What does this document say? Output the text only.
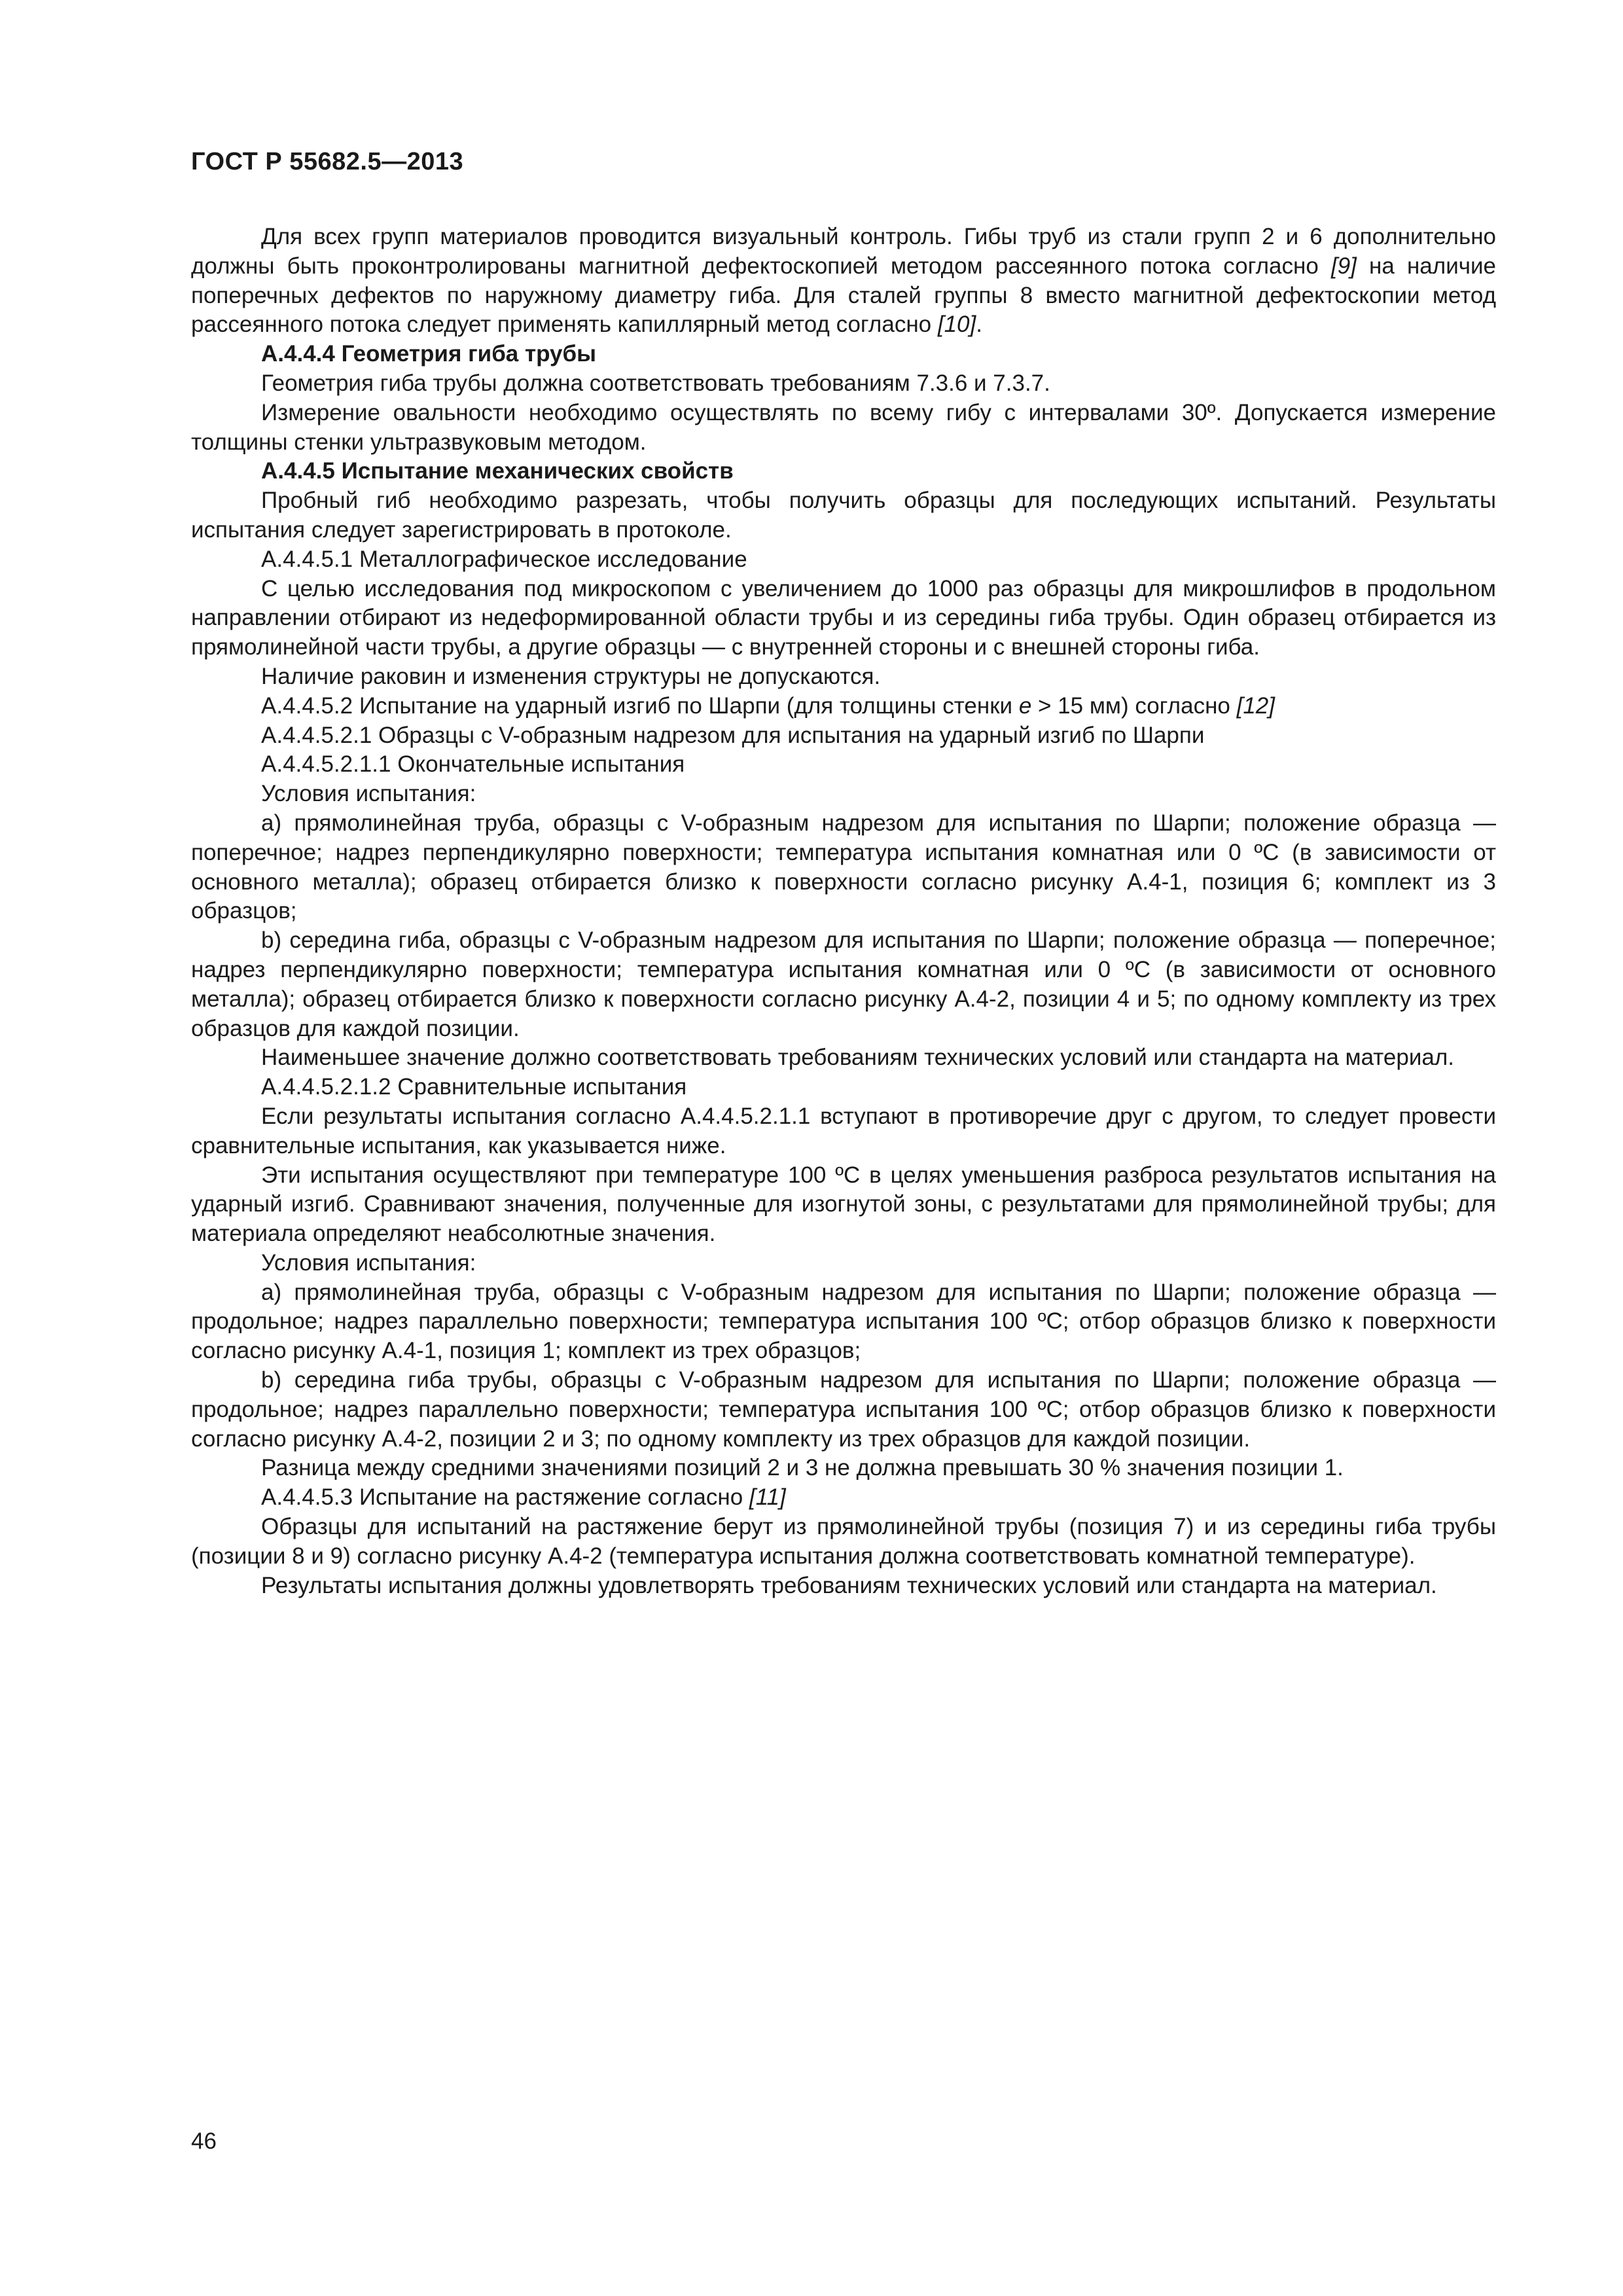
ГОСТ Р 55682.5—2013

Для всех групп материалов проводится визуальный контроль. Гибы труб из стали групп 2 и 6 дополнительно должны быть проконтролированы магнитной дефектоскопией методом рассеянного потока согласно [9] на наличие поперечных дефектов по наружному диаметру гиба. Для сталей группы 8 вместо магнитной дефектоскопии метод рассеянного потока следует применять капиллярный метод согласно [10].

А.4.4.4 Геометрия гиба трубы

Геометрия гиба трубы должна соответствовать требованиям 7.3.6 и 7.3.7.

Измерение овальности необходимо осуществлять по всему гибу с интервалами 30º. Допускается измерение толщины стенки ультразвуковым методом.

А.4.4.5 Испытание механических свойств

Пробный гиб необходимо разрезать, чтобы получить образцы для последующих испытаний. Результаты испытания следует зарегистрировать в протоколе.

А.4.4.5.1 Металлографическое исследование

С целью исследования под микроскопом с увеличением до 1000 раз образцы для микрошлифов в продольном направлении отбирают из недеформированной области трубы и из середины гиба трубы. Один образец отбирается из прямолинейной части трубы, а другие образцы — с внутренней стороны и с внешней стороны гиба.

Наличие раковин и изменения структуры не допускаются.

А.4.4.5.2 Испытание на ударный изгиб по Шарпи (для толщины стенки e > 15 мм) согласно [12]

А.4.4.5.2.1 Образцы с V-образным надрезом для испытания на ударный изгиб по Шарпи

А.4.4.5.2.1.1 Окончательные испытания

Условия испытания:

a) прямолинейная труба, образцы с V-образным надрезом для испытания по Шарпи; положение образца — поперечное; надрез перпендикулярно поверхности; температура испытания комнатная или 0 ºС (в зависимости от основного металла); образец отбирается близко к поверхности согласно рисунку А.4-1, позиция 6; комплект из 3 образцов;

b) середина гиба, образцы с V-образным надрезом для испытания по Шарпи; положение образца — поперечное; надрез перпендикулярно поверхности; температура испытания комнатная или 0 ºС (в зависимости от основного металла); образец отбирается близко к поверхности согласно рисунку А.4-2, позиции 4 и 5; по одному комплекту из трех образцов для каждой позиции.

Наименьшее значение должно соответствовать требованиям технических условий или стандарта на материал.

А.4.4.5.2.1.2 Сравнительные испытания

Если результаты испытания согласно А.4.4.5.2.1.1 вступают в противоречие друг с другом, то следует провести сравнительные испытания, как указывается ниже.

Эти испытания осуществляют при температуре 100 ºС в целях уменьшения разброса результатов испытания на ударный изгиб. Сравнивают значения, полученные для изогнутой зоны, с результатами для прямолинейной трубы; для материала определяют неабсолютные значения.

Условия испытания:

a) прямолинейная труба, образцы с V-образным надрезом для испытания по Шарпи; положение образца — продольное; надрез параллельно поверхности; температура испытания 100 ºС; отбор образцов близко к поверхности согласно рисунку А.4-1, позиция 1; комплект из трех образцов;

b) середина гиба трубы, образцы с V-образным надрезом для испытания по Шарпи; положение образца — продольное; надрез параллельно поверхности; температура испытания 100 ºС; отбор образцов близко к поверхности согласно рисунку А.4-2, позиции 2 и 3; по одному комплекту из трех образцов для каждой позиции.

Разница между средними значениями позиций 2 и 3 не должна превышать 30 % значения позиции 1.

А.4.4.5.3 Испытание на растяжение согласно [11]

Образцы для испытаний на растяжение берут из прямолинейной трубы (позиция 7) и из середины гиба трубы (позиции 8 и 9) согласно рисунку А.4-2 (температура испытания должна соответствовать комнатной температуре).

Результаты испытания должны удовлетворять требованиям технических условий или стандарта на материал.

46
